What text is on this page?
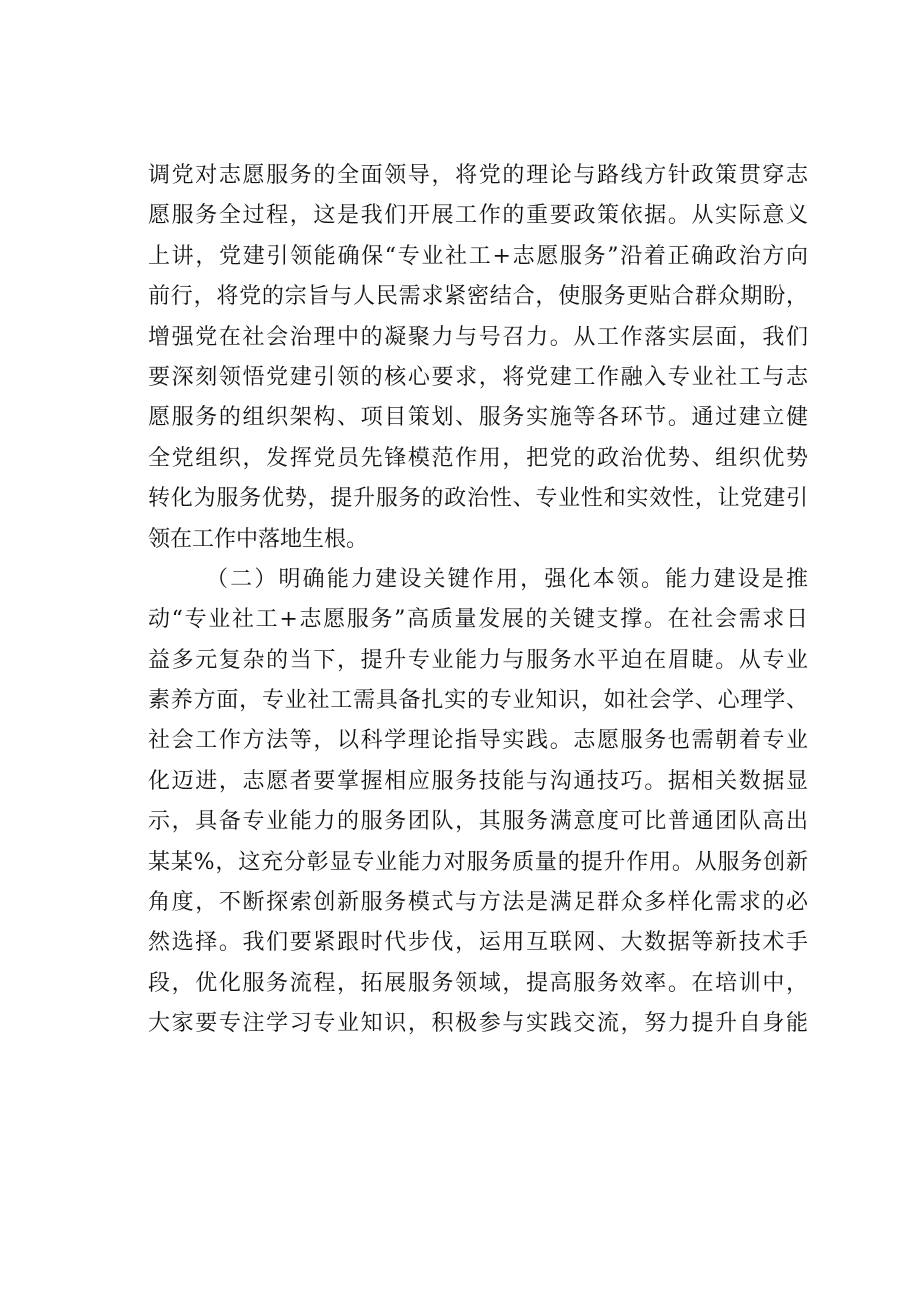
调党对志愿服务的全面领导，将党的理论与路线方针政策贯穿志
愿服务全过程，这是我们开展工作的重要政策依据。从实际意义
上讲，党建引领能确保“专业社工+志愿服务”沿着正确政治方向
前行，将党的宗旨与人民需求紧密结合，使服务更贴合群众期盼，
增强党在社会治理中的凝聚力与号召力。从工作落实层面，我们
要深刻领悟党建引领的核心要求，将党建工作融入专业社工与志
愿服务的组织架构、项目策划、服务实施等各环节。通过建立健
全党组织，发挥党员先锋模范作用，把党的政治优势、组织优势
转化为服务优势，提升服务的政治性、专业性和实效性，让党建引
领在工作中落地生根。
（二）明确能力建设关键作用，强化本领。能力建设是推
动“专业社工+志愿服务”高质量发展的关键支撑。在社会需求日
益多元复杂的当下，提升专业能力与服务水平迫在眉睫。从专业
素养方面，专业社工需具备扎实的专业知识，如社会学、心理学、
社会工作方法等，以科学理论指导实践。志愿服务也需朝着专业
化迈进，志愿者要掌握相应服务技能与沟通技巧。据相关数据显
示，具备专业能力的服务团队，其服务满意度可比普通团队高出
某某%，这充分彰显专业能力对服务质量的提升作用。从服务创新
角度，不断探索创新服务模式与方法是满足群众多样化需求的必
然选择。我们要紧跟时代步伐，运用互联网、大数据等新技术手
段，优化服务流程，拓展服务领域，提高服务效率。在培训中，
大家要专注学习专业知识，积极参与实践交流，努力提升自身能
